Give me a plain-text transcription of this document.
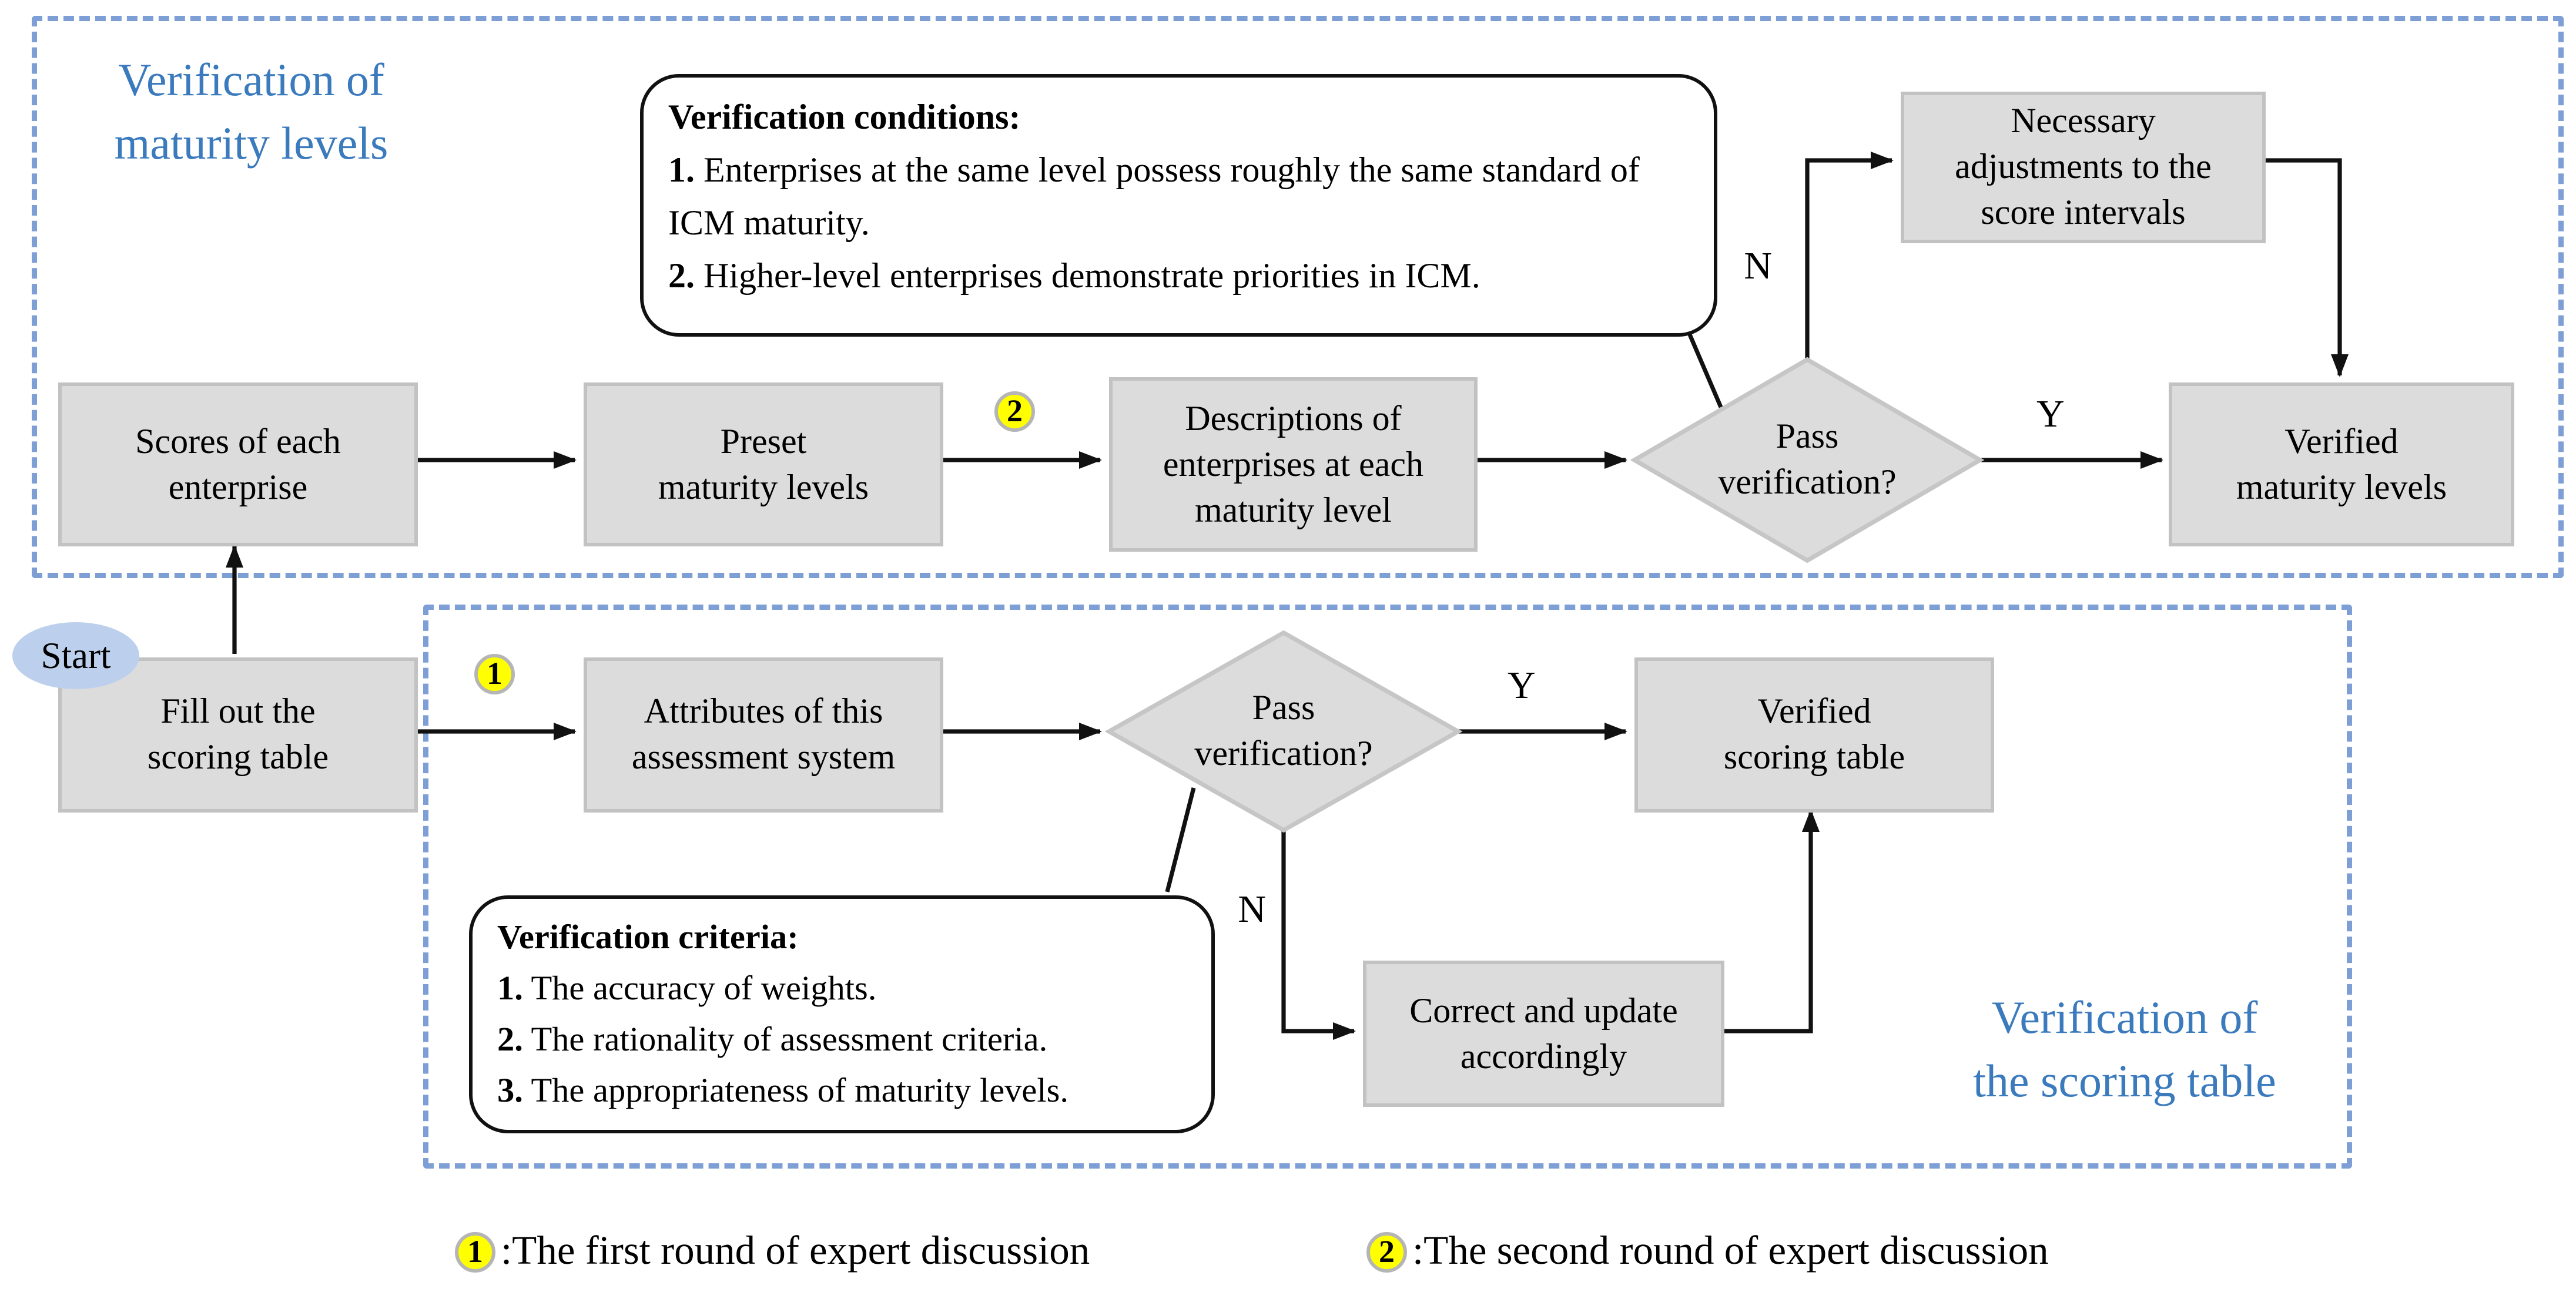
Verification of
maturity levels
Verification of
the scoring table
Scores of each
enterprise
Preset
maturity levels
Descriptions of
enterprises at each
maturity level
Pass
verification?
Verified
maturity levels
Necessary
adjustments to the
score intervals
Verification conditions:
1. Enterprises at the same level possess roughly the same standard of ICM maturity.
2. Higher-level enterprises demonstrate priorities in ICM.
Start
Fill out the
scoring table
Attributes of this
assessment system
Pass
verification?
Verified
scoring table
Correct and update
accordingly
Verification criteria:
1. The accuracy of weights.
2. The rationality of assessment criteria.
3. The appropriateness of maturity levels.
2
1
Y
N
Y
N
1 :The first round of expert discussion	2 :The second round of expert discussion
